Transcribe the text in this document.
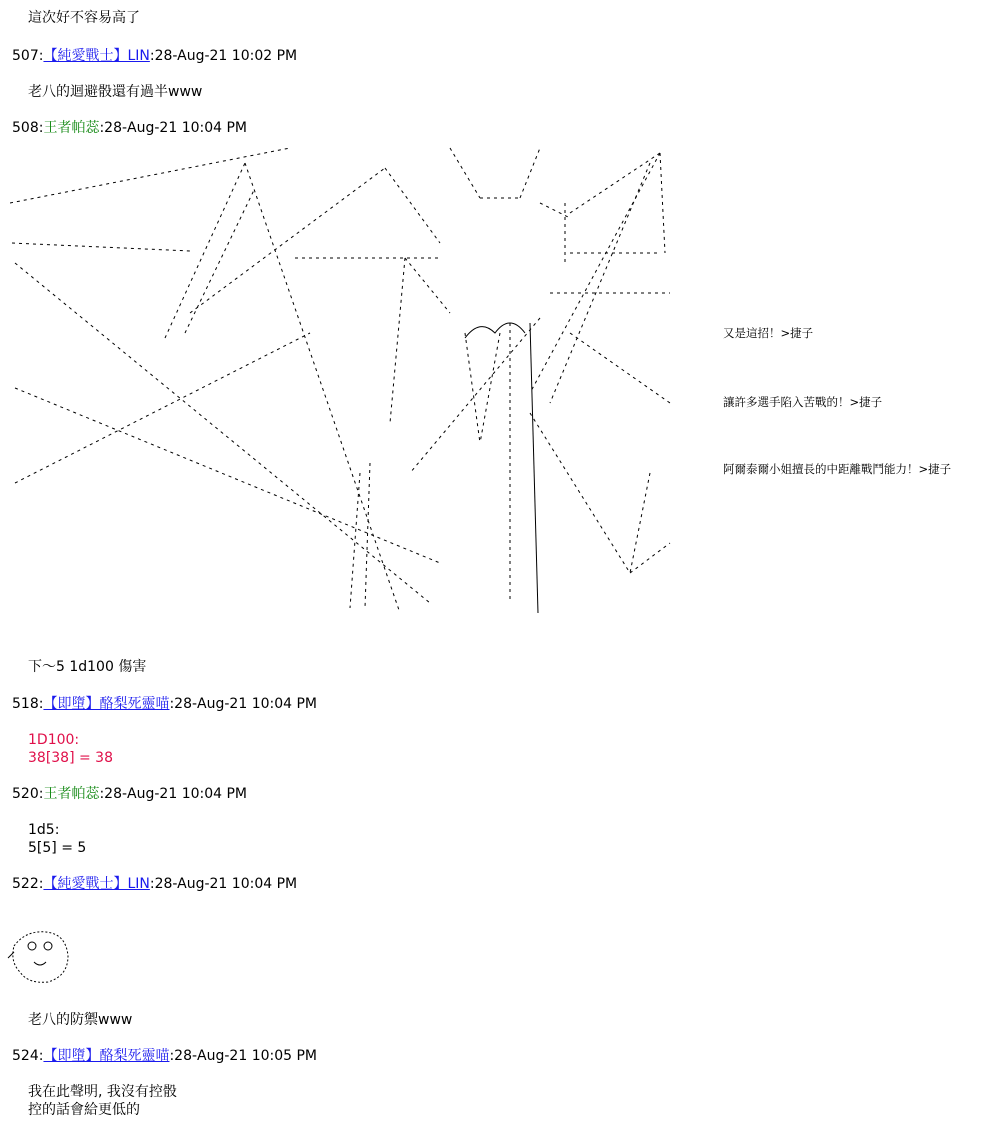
這次好不容易高了
507:【純愛戰士】LIN:28-Aug-21 10:02 PM
老八的迴避骰還有過半www
508:王者帕蕊:28-Aug-21 10:04 PM
又是這招！>捷子
讓許多選手陷入苦戰的！>捷子
阿爾泰爾小姐擅長的中距離戰鬥能力！>捷子
下～5 1d100 傷害
518:【即墮】酪梨死靈喵:28-Aug-21 10:04 PM
1D100:
38[38] = 38
520:王者帕蕊:28-Aug-21 10:04 PM
1d5:
5[5] = 5
522:【純愛戰士】LIN:28-Aug-21 10:04 PM
老八的防禦www
524:【即墮】酪梨死靈喵:28-Aug-21 10:05 PM
我在此聲明, 我沒有控骰
控的話會給更低的
